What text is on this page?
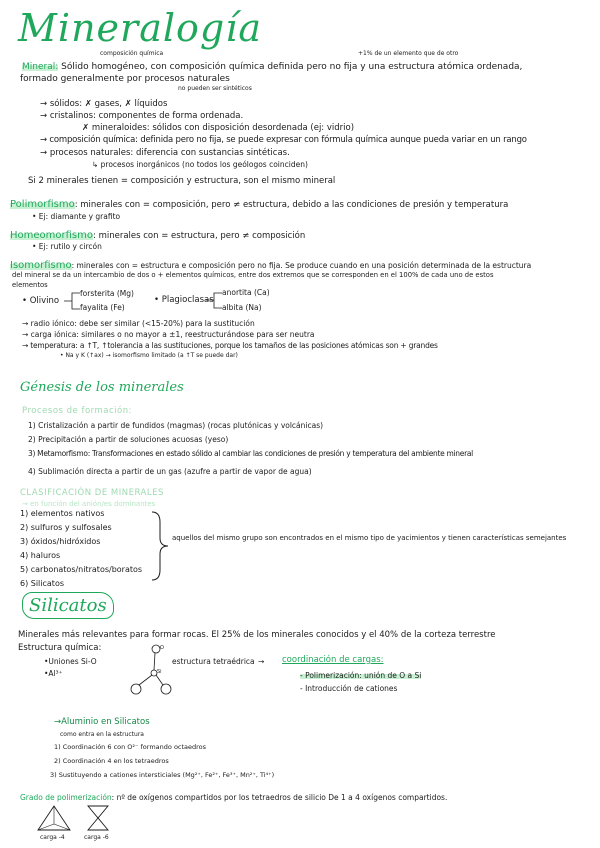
Mineralogía
composición química	+1% de un elemento que de otro
Mineral: Sólido homogéneo, con composición química definida pero no fija y una estructura atómica ordenada,
formado generalmente por procesos naturales
no pueden ser sintéticos
→ sólidos: ✗ gases, ✗ líquidos
→ cristalinos: componentes de forma ordenada.
✗ mineraloides: sólidos con disposición desordenada (ej: vidrio)
→ composición química: definida pero no fija, se puede expresar con fórmula química aunque pueda variar en un rango
→ procesos naturales: diferencia con sustancias sintéticas.
↳ procesos inorgánicos (no todos los geólogos coinciden)
Si 2 minerales tienen = composición y estructura, son el mismo mineral
Polimorfismo: minerales con = composición, pero ≠ estructura, debido a las condiciones de presión y temperatura
• Ej: diamante y grafito
Homeomorfismo: minerales con = estructura, pero ≠ composición
• Ej: rutilo y circón
Isomorfismo: minerales con = estructura e composición pero no fija. Se produce cuando en una posición determinada de la estructura
del mineral se da un intercambio de dos o + elementos químicos, entre dos extremos que se corresponden en el 100% de cada uno de estos
elementos
• Olivino
forsterita (Mg)
fayalita (Fe)
• Plagioclasas
anortita (Ca)
albita (Na)
→ radio iónico: debe ser similar (<15-20%) para la sustitución
→ carga iónica: similares o no mayor a ±1, reestructurándose para ser neutra
→ temperatura: a ↑T, ↑tolerancia a las sustituciones, porque los tamaños de las posiciones atómicas son + grandes
• Na y K (↑ax) → isomorfismo limitado (a ↑T se puede dar)
Génesis de los minerales
Procesos de formación:
1) Cristalización a partir de fundidos (magmas) (rocas plutónicas y volcánicas)
2) Precipitación a partir de soluciones acuosas (yeso)
3) Metamorfismo: Transformaciones en estado sólido al cambiar las condiciones de presión y temperatura del ambiente mineral
4) Sublimación directa a partir de un gas (azufre a partir de vapor de agua)
CLASIFICACIÓN DE MINERALES
→ en función del anión/es dominantes
1) elementos nativos
2) sulfuros y sulfosales
3) óxidos/hidróxidos
4) haluros
5) carbonatos/nitratos/boratos
6) Silicatos
aquellos del mismo grupo son encontrados en el mismo tipo de yacimientos y tienen características semejantes
Silicatos
Minerales más relevantes para formar rocas. El 25% de los minerales conocidos y el 40% de la corteza terrestre
Estructura química:
•Uniones Si-O
•Al³⁺
O
Si
estructura tetraédrica → coordinación de cargas:
- Polimerización: unión de O a Si
- Introducción de cationes
→Aluminio en Silicatos
como entra en la estructura
1) Coordinación 6 con O²⁻ formando octaedros
2) Coordinación 4 en los tetraedros
3) Sustituyendo a cationes intersticiales (Mg²⁺, Fe²⁺, Fe³⁺, Mn²⁺, Ti⁴⁺)
Grado de polimerización: nº de oxígenos compartidos por los tetraedros de silicio De 1 a 4 oxígenos compartidos.
carga -4	carga -6
